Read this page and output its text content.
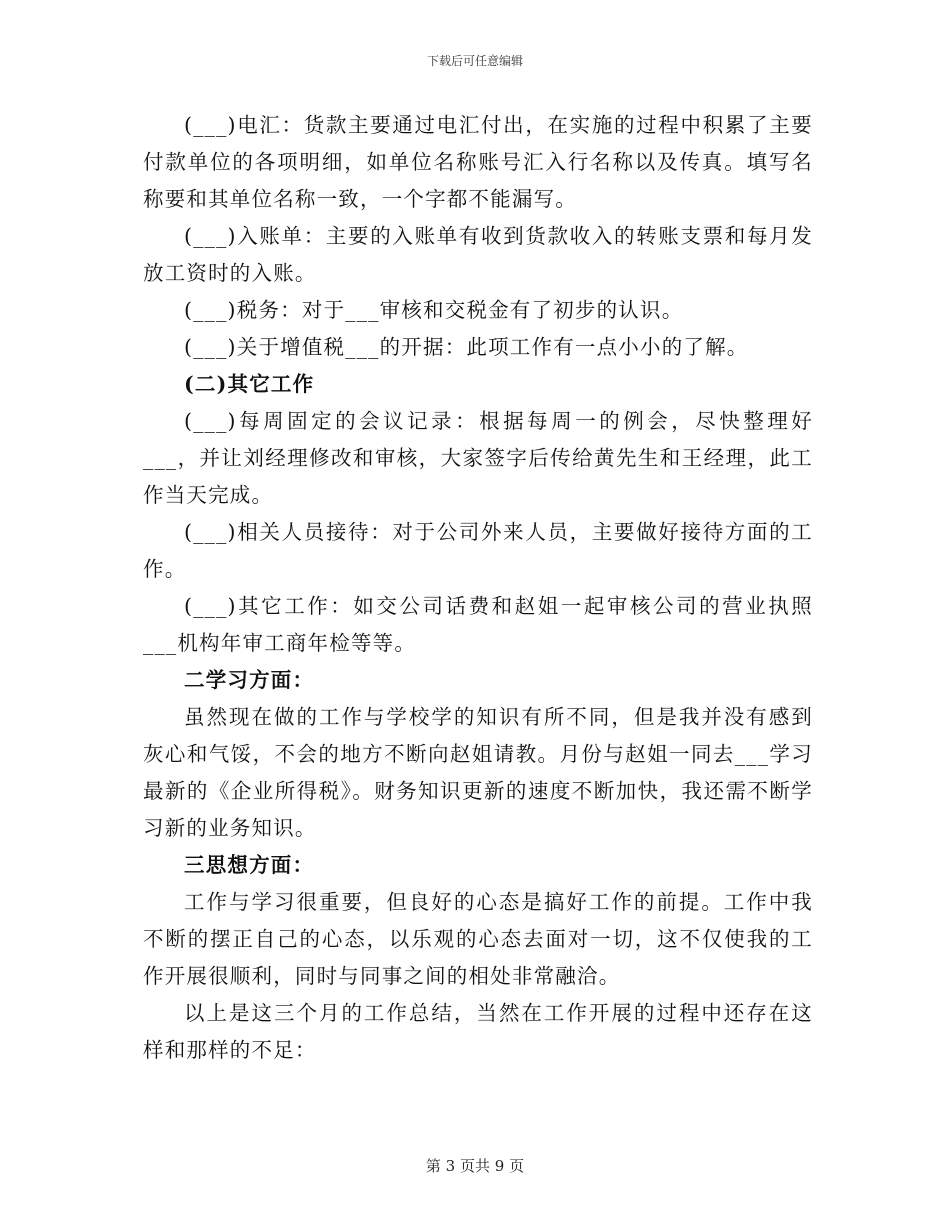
下载后可任意编辑

(___)电汇：货款主要通过电汇付出，在实施的过程中积累了主要付款单位的各项明细，如单位名称账号汇入行名称以及传真。填写名称要和其单位名称一致，一个字都不能漏写。

(___)入账单：主要的入账单有收到货款收入的转账支票和每月发放工资时的入账。

(___)税务：对于___审核和交税金有了初步的认识。

(___)关于增值税___的开据：此项工作有一点小小的了解。

(二)其它工作

(___)每周固定的会议记录：根据每周一的例会，尽快整理好___，并让刘经理修改和审核，大家签字后传给黄先生和王经理，此工作当天完成。

(___)相关人员接待：对于公司外来人员，主要做好接待方面的工作。

(___)其它工作：如交公司话费和赵姐一起审核公司的营业执照___机构年审工商年检等等。

二学习方面：

虽然现在做的工作与学校学的知识有所不同，但是我并没有感到灰心和气馁，不会的地方不断向赵姐请教。月份与赵姐一同去___学习最新的《企业所得税》。财务知识更新的速度不断加快，我还需不断学习新的业务知识。

三思想方面：

工作与学习很重要，但良好的心态是搞好工作的前提。工作中我不断的摆正自己的心态，以乐观的心态去面对一切，这不仅使我的工作开展很顺利，同时与同事之间的相处非常融洽。

以上是这三个月的工作总结，当然在工作开展的过程中还存在这样和那样的不足：

第 3 页共 9 页
